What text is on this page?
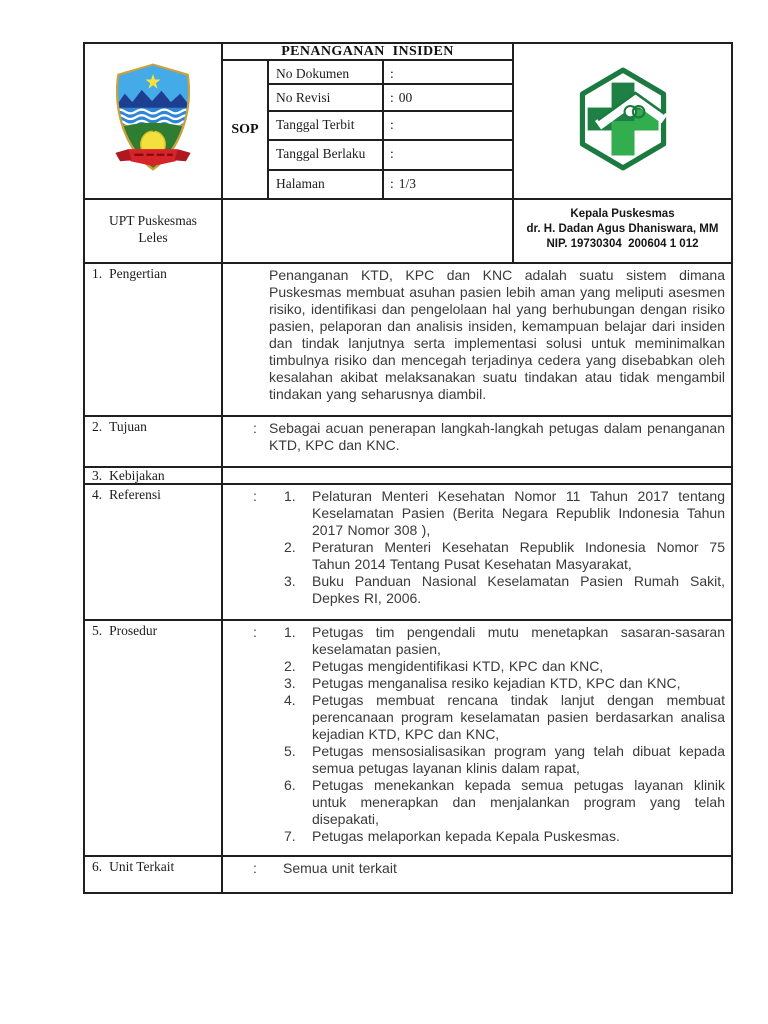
PENANGANAN INSIDEN
SOP
No Dokumen	:
No Revisi	: 00
Tanggal Terbit	:
Tanggal Berlaku	:
Halaman	: 1/3
UPT Puskesmas
Leles
Kepala Puskesmas
dr. H. Dadan Agus Dhaniswara, MM
NIP. 19730304  200604 1 012
1. Pengertian	Penanganan KTD, KPC dan KNC adalah suatu sistem dimana Puskesmas membuat asuhan pasien lebih aman yang meliputi asesmen risiko, identifikasi dan pengelolaan hal yang berhubungan dengan risiko pasien, pelaporan dan analisis insiden, kemampuan belajar dari insiden dan tindak lanjutnya serta implementasi solusi untuk meminimalkan timbulnya risiko dan mencegah terjadinya cedera yang disebabkan oleh kesalahan akibat melaksanakan suatu tindakan atau tidak mengambil tindakan yang seharusnya diambil.

2. Tujuan	: Sebagai acuan penerapan langkah-langkah petugas dalam penanganan KTD, KPC dan KNC.

3. Kebijakan

4. Referensi	:	Pelaturan Menteri Kesehatan Nomor 11 Tahun 2017 tentang Keselamatan Pasien (Berita Negara Republik Indonesia Tahun 2017 Nomor 308 ),
Peraturan Menteri Kesehatan Republik Indonesia Nomor 75 Tahun 2014 Tentang Pusat Kesehatan Masyarakat,
Buku Panduan Nasional Keselamatan Pasien Rumah Sakit, Depkes RI, 2006.
5. Prosedur	:	Petugas tim pengendali mutu menetapkan sasaran-sasaran keselamatan pasien,
Petugas mengidentifikasi KTD, KPC dan KNC,
Petugas menganalisa resiko kejadian KTD, KPC dan KNC,
Petugas membuat rencana tindak lanjut dengan membuat perencanaan program keselamatan pasien berdasarkan analisa kejadian KTD, KPC dan KNC,
Petugas mensosialisasikan program yang telah dibuat kepada semua petugas layanan klinis dalam rapat,
Petugas menekankan kepada semua petugas layanan klinik untuk menerapkan dan menjalankan program yang telah disepakati,
Petugas melaporkan kepada Kepala Puskesmas.
6. Unit Terkait	: Semua unit terkait
